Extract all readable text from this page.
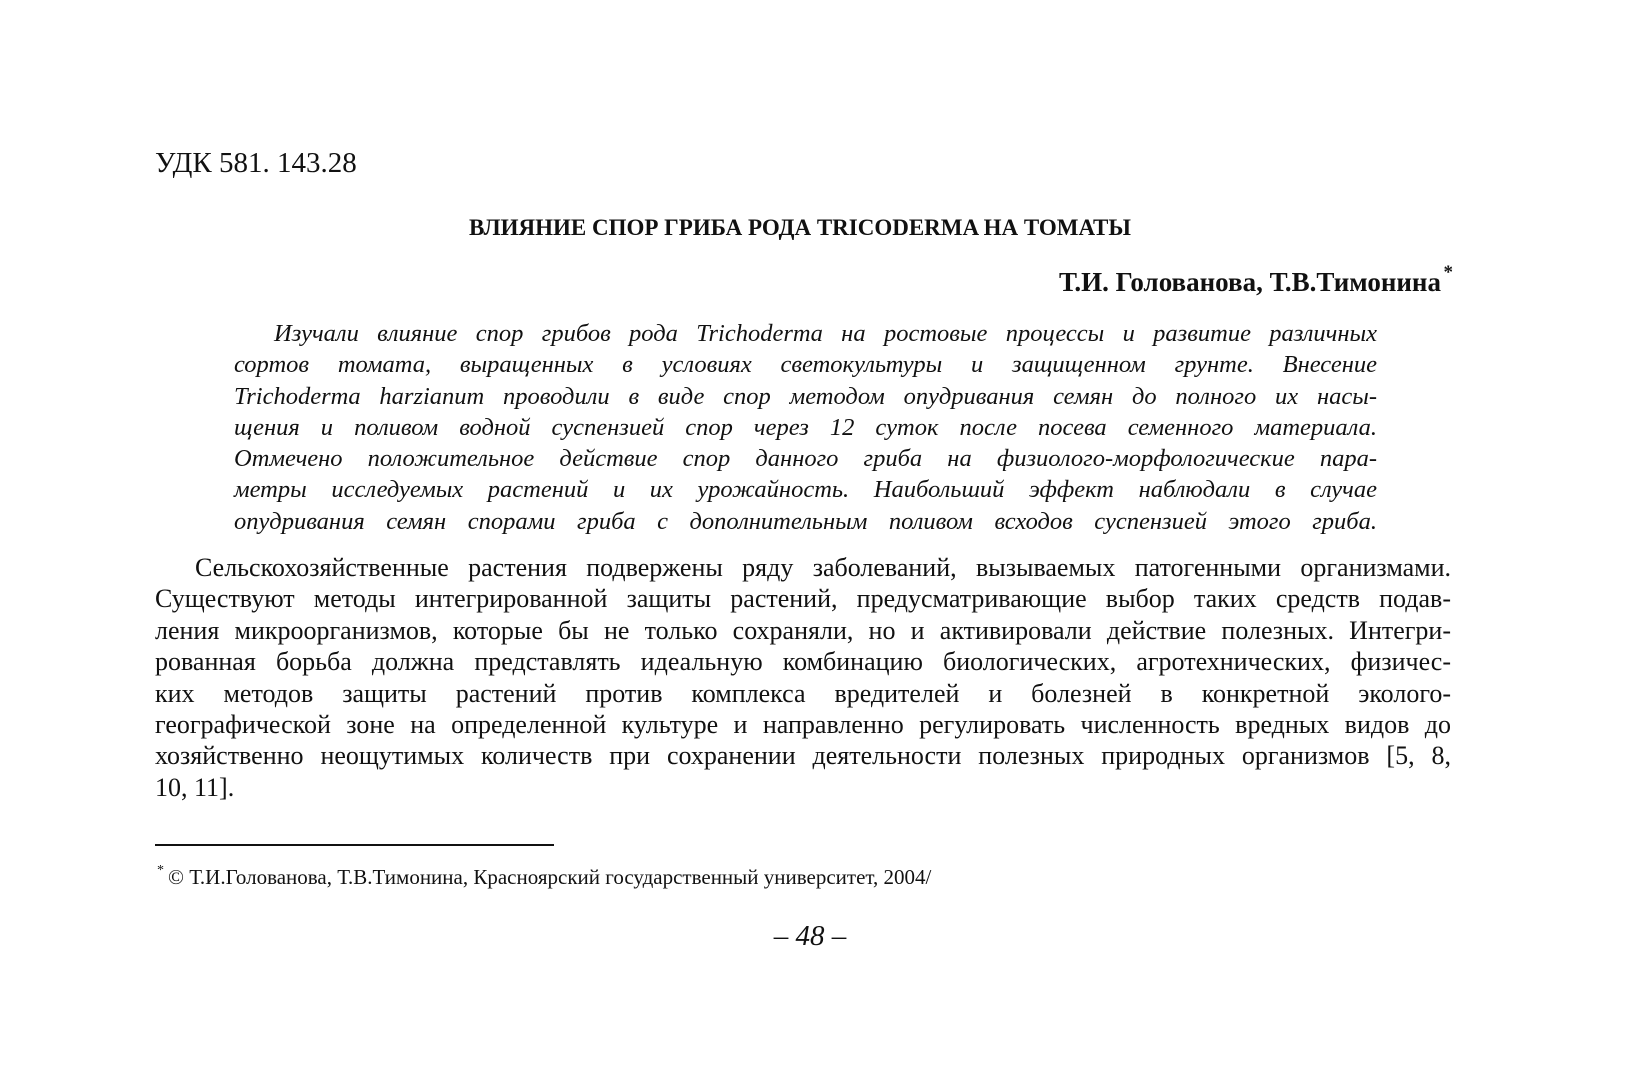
УДК 581. 143.28
ВЛИЯНИЕ СПОР ГРИБА РОДА TRICODERMA НА ТОМАТЫ
Т.И. Голованова, Т.В.Тимонина *
Изучали влияние спор грибов рода Trichoderma на ростовые процессы и развитие различных
сортов томата, выращенных в условиях светокультуры и защищенном грунте. Внесение
Trichoderma harzianит проводили в виде спор методом опудривания семян до полного их насы-
щения и поливом водной суспензией спор через 12 суток после посева семенного материала.
Отмечено положительное действие спор данного гриба на физиолого-морфологические пара-
метры исследуемых растений и их урожайность. Наибольший эффект наблюдали в случае
опудривания семян спорами гриба с дополнительным поливом всходов суспензией этого гриба.
Сельскохозяйственные растения подвержены ряду заболеваний, вызываемых патогенными организмами.
Существуют методы интегрированной защиты растений, предусматривающие выбор таких средств подав-
ления микроорганизмов, которые бы не только сохраняли, но и активировали действие полезных. Интегри-
рованная борьба должна представлять идеальную комбинацию биологических, агротехнических, физичес-
ких методов защиты растений против комплекса вредителей и болезней в конкретной эколого-
географической зоне на определенной культуре и направленно регулировать численность вредных видов до
хозяйственно неощутимых количеств при сохранении деятельности полезных природных организмов [5, 8,
10, 11].
* © Т.И.Голованова, Т.В.Тимонина, Красноярский государственный университет, 2004/
– 48 –
